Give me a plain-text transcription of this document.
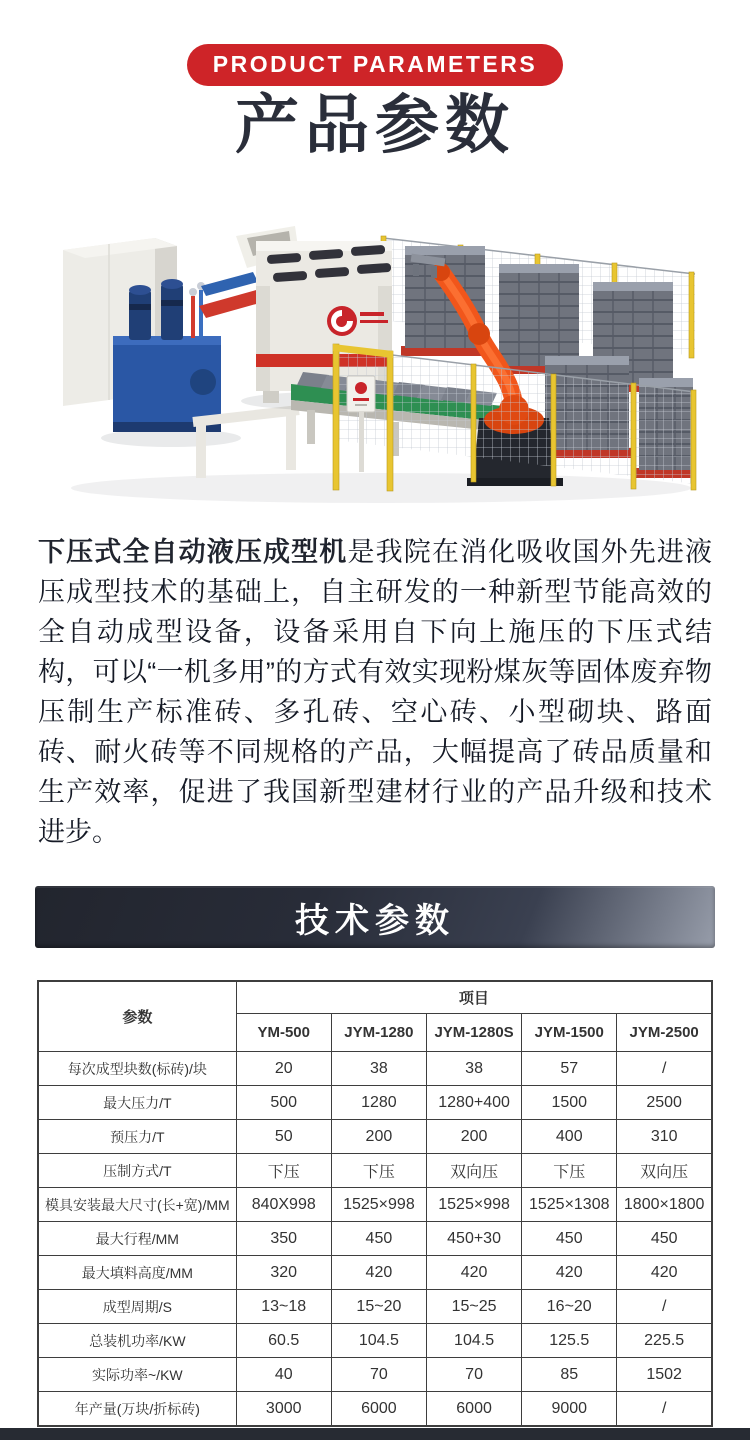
PRODUCT PARAMETERS
产品参数

下压式全自动液压成型机是我院在消化吸收国外先进液压成型技术的基础上，自主研发的一种新型节能高效的全自动成型设备，设备采用自下向上施压的下压式结构，可以“一机多用”的方式有效实现粉煤灰等固体废弃物压制生产标准砖、多孔砖、空心砖、小型砌块、路面砖、耐火砖等不同规格的产品，大幅提高了砖品质量和生产效率，促进了我国新型建材行业的产品升级和技术进步。

技术参数
参数	项目				
	YM-500	JYM-1280	JYM-1280S	JYM-1500	JYM-2500
每次成型块数(标砖)/块	20	38	38	57	/
最大压力/T	500	1280	1280+400	1500	2500
预压力/T	50	200	200	400	310
压制方式/T	下压	下压	双向压	下压	双向压
模具安装最大尺寸(长+宽)/MM	840X998	1525×998	1525×998	1525×1308	1800×1800
最大行程/MM	350	450	450+30	450	450
最大填料高度/MM	320	420	420	420	420
成型周期/S	13~18	15~20	15~25	16~20	/
总装机功率/KW	60.5	104.5	104.5	125.5	225.5
实际功率~/KW	40	70	70	85	1502
年产量(万块/折标砖)	3000	6000	6000	9000	/
